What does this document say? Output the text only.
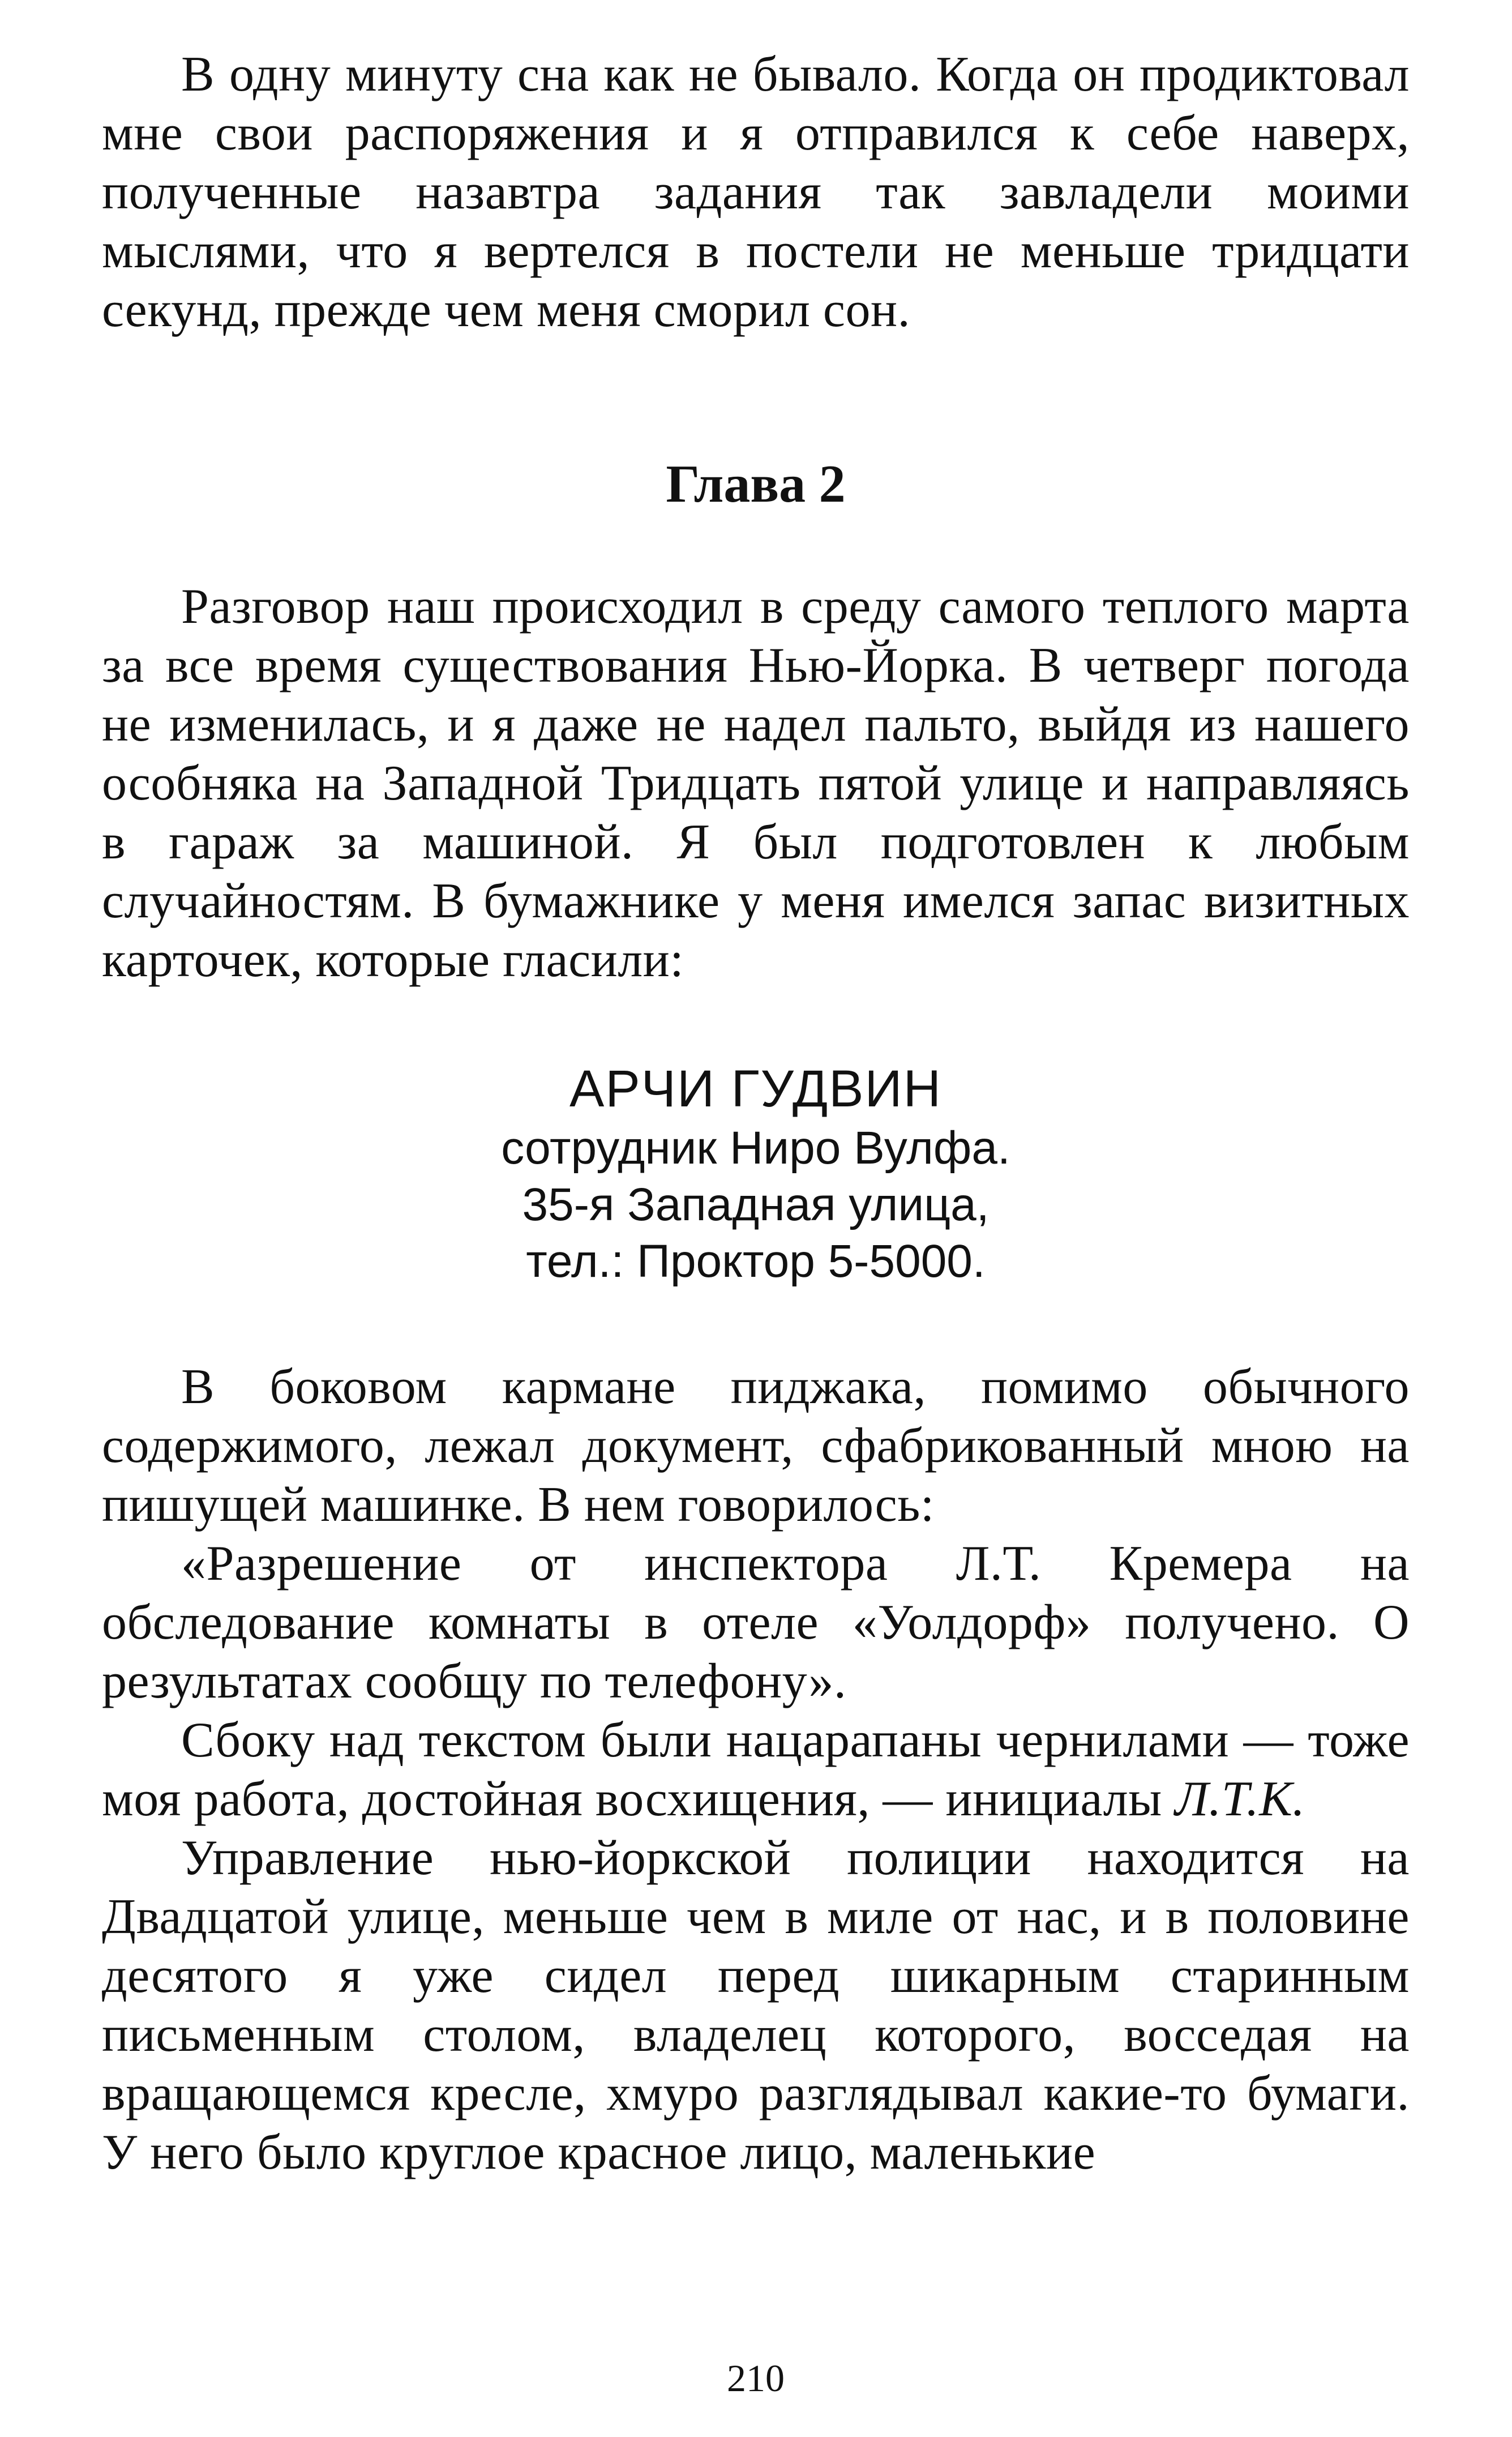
В одну минуту сна как не бывало. Когда он продиктовал мне свои распоряжения и я отправился к себе наверх, полученные назавтра задания так завладели моими мыслями, что я вертелся в постели не меньше тридцати секунд, прежде чем меня сморил сон.

Глава 2

Разговор наш происходил в среду самого теплого марта за все время существования Нью-Йорка. В четверг погода не изменилась, и я даже не надел пальто, выйдя из нашего особняка на Западной Тридцать пятой улице и направляясь в гараж за машиной. Я был подготовлен к любым случайностям. В бумажнике у меня имелся запас визитных карточек, которые гласили:

АРЧИ ГУДВИН
сотрудник Ниро Вулфа.
35-я Западная улица,
тел.: Проктор 5-5000.

В боковом кармане пиджака, помимо обычного содержимого, лежал документ, сфабрикованный мною на пишущей машинке. В нем говорилось:

«Разрешение от инспектора Л.Т. Кремера на обследование комнаты в отеле «Уолдорф» получено. О результатах сообщу по телефону».

Сбоку над текстом были нацарапаны чернилами — тоже моя работа, достойная восхищения, — инициалы Л.Т.К.

Управление нью-йоркской полиции находится на Двадцатой улице, меньше чем в миле от нас, и в половине десятого я уже сидел перед шикарным старинным письменным столом, владелец которого, восседая на вращающемся кресле, хмуро разглядывал какие-то бумаги. У него было круглое красное лицо, маленькие

210
